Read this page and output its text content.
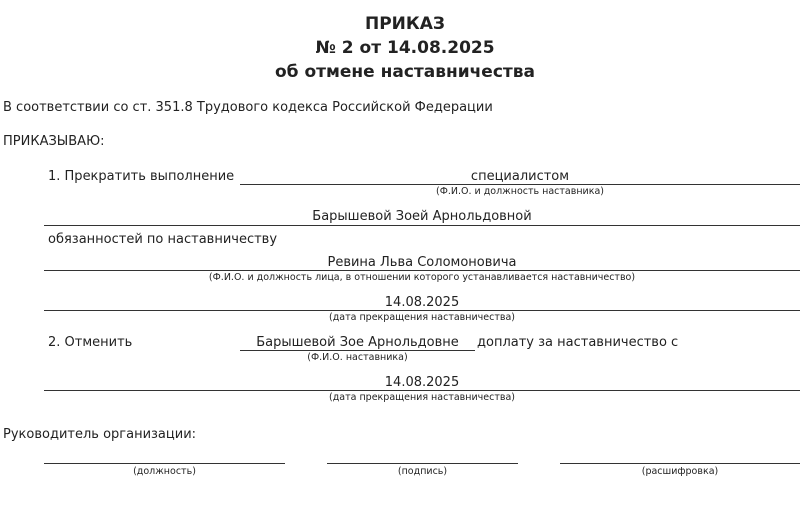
ПРИКАЗ
№ 2 от 14.08.2025
об отмене наставничества
В соответствии со ст. 351.8 Трудового кодекса Российской Федерации
ПРИКАЗЫВАЮ:
1. Прекратить выполнение	специалистом
(Ф.И.О. и должность наставника)
Барышевой Зоей Арнольдовной
обязанностей по наставничеству
Ревина Льва Соломоновича
(Ф.И.О. и должность лица, в отношении которого устанавливается наставничество)
14.08.2025
(дата прекращения наставничества)
2. Отменить	Барышевой Зое Арнольдовне
(Ф.И.О. наставника)
доплату за наставничество с
14.08.2025
(дата прекращения наставничества)
Руководитель организации:
(должность)	(подпись)	(расшифровка)
